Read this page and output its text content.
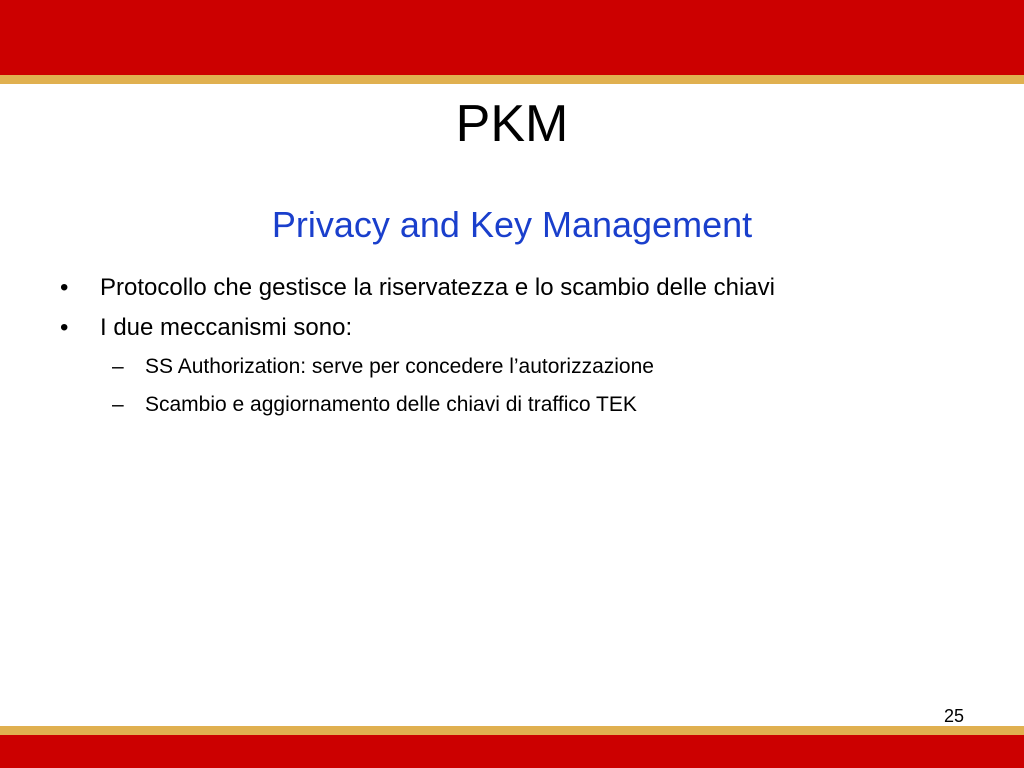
PKM
Privacy and Key Management
• Protocollo che gestisce la riservatezza e lo scambio delle chiavi
• I due meccanismi sono:
– SS Authorization: serve per concedere l’autorizzazione
– Scambio e aggiornamento delle chiavi di traffico TEK
25
